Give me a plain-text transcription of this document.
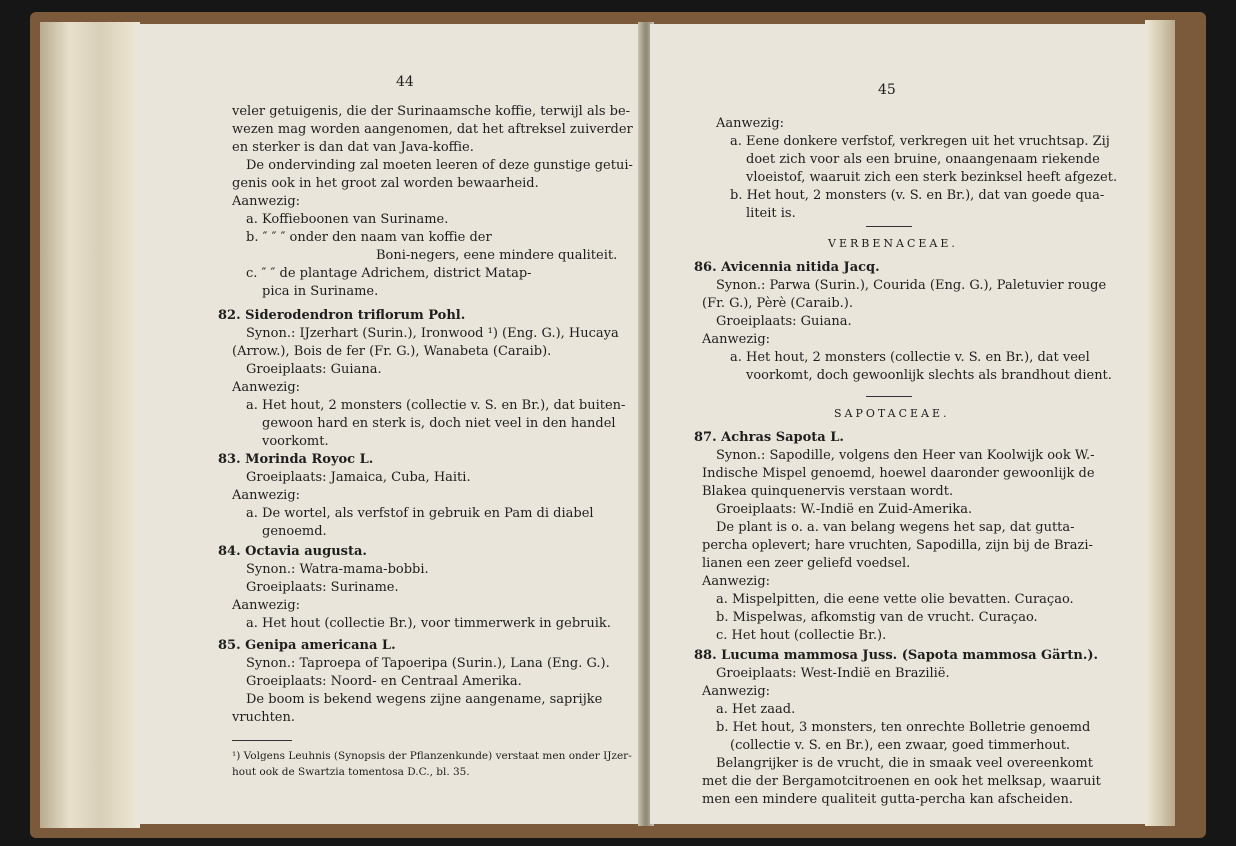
44
veler getuigenis, die der Surinaamsche koffie, terwijl als be-
wezen mag worden aangenomen, dat het aftreksel zuiverder
en sterker is dan dat van Java-koffie.
De ondervinding zal moeten leeren of deze gunstige getui-
genis ook in het groot zal worden bewaarheid.
Aanwezig:
a. Koffieboonen van Suriname.
b. ″ ″ ″ onder den naam van koffie der
Boni-negers, eene mindere qualiteit.
c. ″ ″ de plantage Adrichem, district Matap-
pica in Suriname.
82. Siderodendron triflorum Pohl.
Synon.: IJzerhart (Surin.), Ironwood ¹) (Eng. G.), Hucaya
(Arrow.), Bois de fer (Fr. G.), Wanabeta (Caraib).
Groeiplaats: Guiana.
Aanwezig:
a. Het hout, 2 monsters (collectie v. S. en Br.), dat buiten-
gewoon hard en sterk is, doch niet veel in den handel
voorkomt.
83. Morinda Royoc L.
Groeiplaats: Jamaica, Cuba, Haiti.
Aanwezig:
a. De wortel, als verfstof in gebruik en Pam di diabel
genoemd.
84. Octavia augusta.
Synon.: Watra-mama-bobbi.
Groeiplaats: Suriname.
Aanwezig:
a. Het hout (collectie Br.), voor timmerwerk in gebruik.
85. Genipa americana L.
Synon.: Taproepa of Tapoeripa (Surin.), Lana (Eng. G.).
Groeiplaats: Noord- en Centraal Amerika.
De boom is bekend wegens zijne aangename, saprijke
vruchten.
¹) Volgens Leuhnis (Synopsis der Pflanzenkunde) verstaat men onder IJzer-
hout ook de Swartzia tomentosa D.C., bl. 35.
45
Aanwezig:
a. Eene donkere verfstof, verkregen uit het vruchtsap. Zij
doet zich voor als een bruine, onaangenaam riekende
vloeistof, waaruit zich een sterk bezinksel heeft afgezet.
b. Het hout, 2 monsters (v. S. en Br.), dat van goede qua-
liteit is.
VERBENACEAE.
86. Avicennia nitida Jacq.
Synon.: Parwa (Surin.), Courida (Eng. G.), Paletuvier rouge
(Fr. G.), Pèrè (Caraib.).
Groeiplaats: Guiana.
Aanwezig:
a. Het hout, 2 monsters (collectie v. S. en Br.), dat veel
voorkomt, doch gewoonlijk slechts als brandhout dient.
SAPOTACEAE.
87. Achras Sapota L.
Synon.: Sapodille, volgens den Heer van Koolwijk ook W.-
Indische Mispel genoemd, hoewel daaronder gewoonlijk de
Blakea quinquenervis verstaan wordt.
Groeiplaats: W.-Indië en Zuid-Amerika.
De plant is o. a. van belang wegens het sap, dat gutta-
percha oplevert; hare vruchten, Sapodilla, zijn bij de Brazi-
lianen een zeer geliefd voedsel.
Aanwezig:
a. Mispelpitten, die eene vette olie bevatten. Curaçao.
b. Mispelwas, afkomstig van de vrucht. Curaçao.
c. Het hout (collectie Br.).
88. Lucuma mammosa Juss. (Sapota mammosa Gärtn.).
Groeiplaats: West-Indië en Brazilië.
Aanwezig:
a. Het zaad.
b. Het hout, 3 monsters, ten onrechte Bolletrie genoemd
(collectie v. S. en Br.), een zwaar, goed timmerhout.
Belangrijker is de vrucht, die in smaak veel overeenkomt
met die der Bergamotcitroenen en ook het melksap, waaruit
men een mindere qualiteit gutta-percha kan afscheiden.
